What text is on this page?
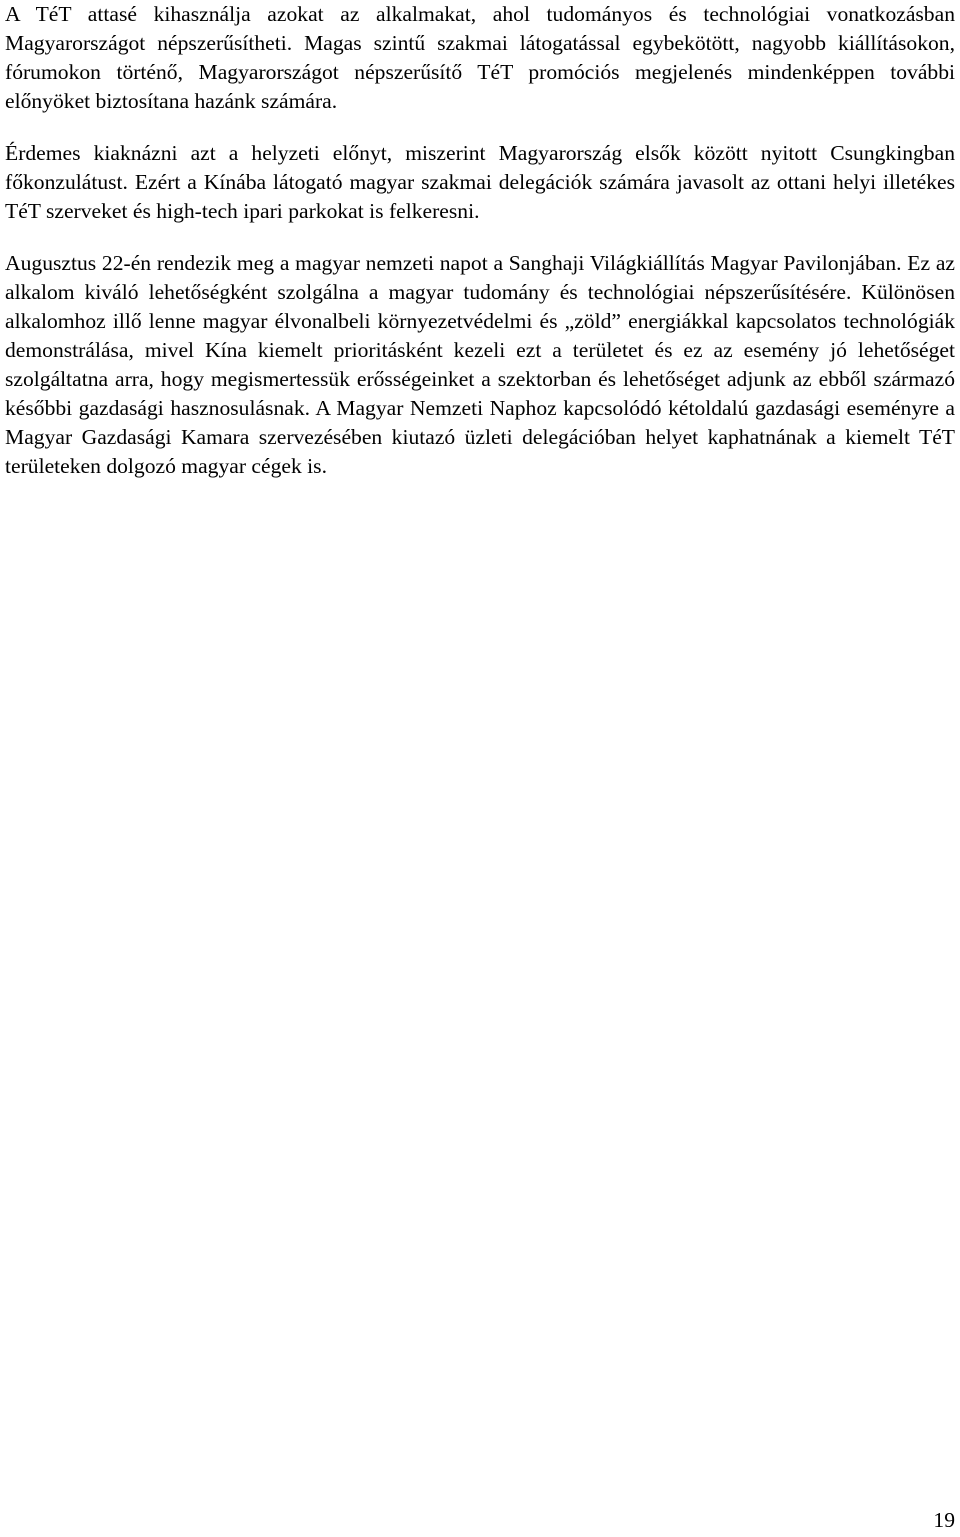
A TéT attasé kihasználja azokat az alkalmakat, ahol tudományos és technológiai vonatkozásban Magyarországot népszerűsítheti. Magas szintű szakmai látogatással egybekötött, nagyobb kiállításokon, fórumokon történő, Magyarországot népszerűsítő TéT promóciós megjelenés mindenképpen további előnyöket biztosítana hazánk számára.

Érdemes kiaknázni azt a helyzeti előnyt, miszerint Magyarország elsők között nyitott Csungkingban főkonzulátust. Ezért a Kínába látogató magyar szakmai delegációk számára javasolt az ottani helyi illetékes TéT szerveket és high-tech ipari parkokat is felkeresni.

Augusztus 22-én rendezik meg a magyar nemzeti napot a Sanghaji Világkiállítás Magyar Pavilonjában. Ez az alkalom kiváló lehetőségként szolgálna a magyar tudomány és technológiai népszerűsítésére. Különösen alkalomhoz illő lenne magyar élvonalbeli környezetvédelmi és „zöld” energiákkal kapcsolatos technológiák demonstrálása, mivel Kína kiemelt prioritásként kezeli ezt a területet és ez az esemény jó lehetőséget szolgáltatna arra, hogy megismertessük erősségeinket a szektorban és lehetőséget adjunk az ebből származó későbbi gazdasági hasznosulásnak. A Magyar Nemzeti Naphoz kapcsolódó kétoldalú gazdasági eseményre a Magyar Gazdasági Kamara szervezésében kiutazó üzleti delegációban helyet kaphatnának a kiemelt TéT területeken dolgozó magyar cégek is.

19
